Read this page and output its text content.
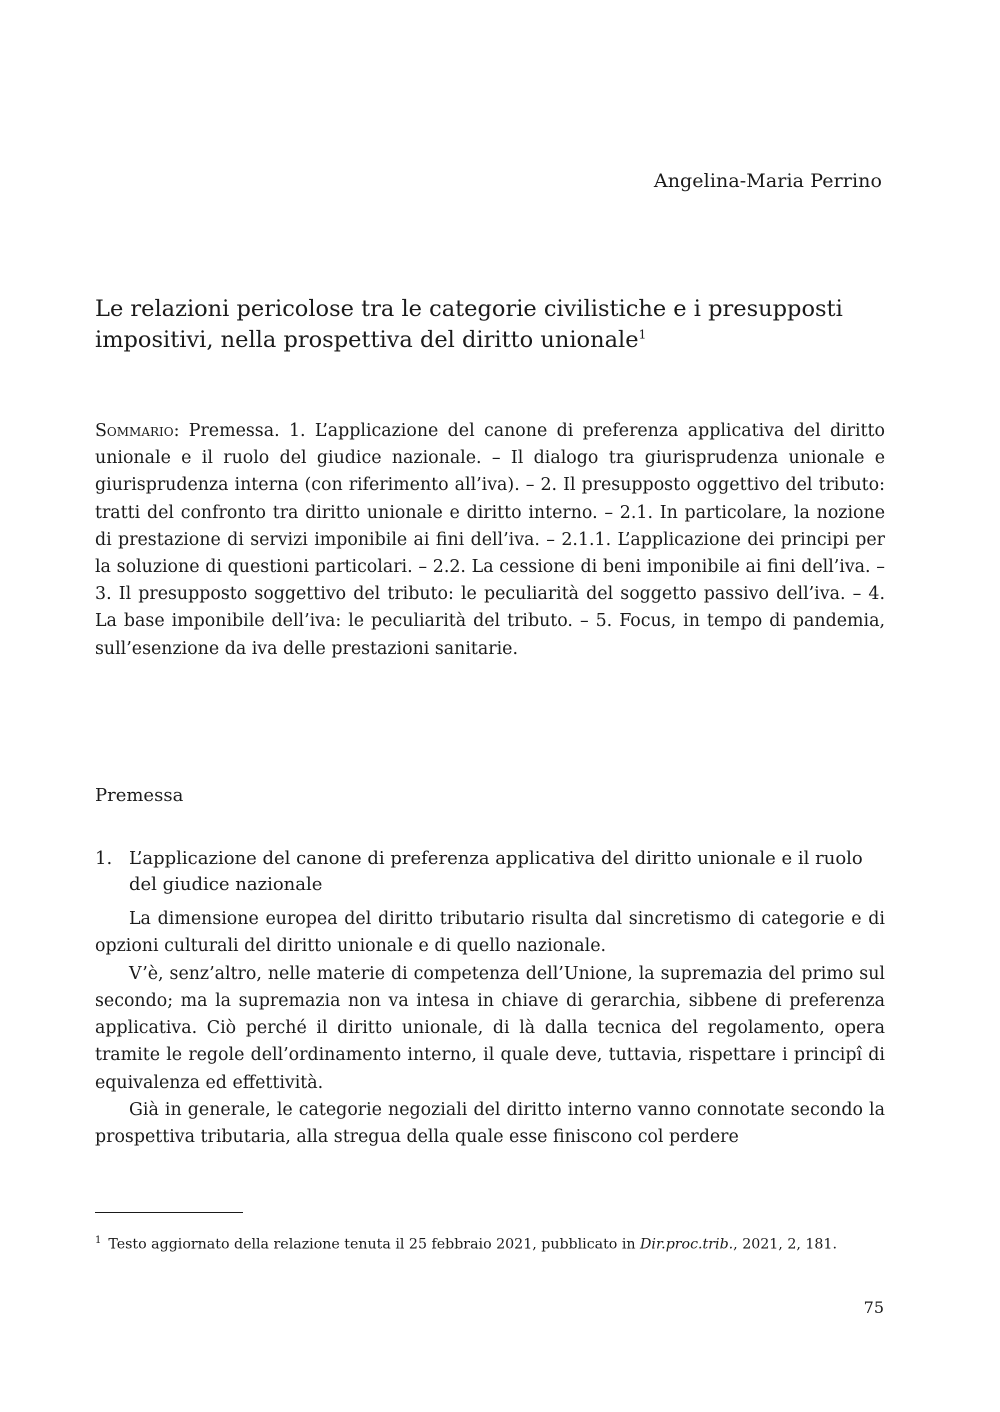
Angelina-Maria Perrino
Le relazioni pericolose tra le categorie civilistiche e i presupposti impositivi, nella prospettiva del diritto unionale$^1$

Sommario: Premessa. 1. L’applicazione del canone di preferenza applicativa del diritto unionale e il ruolo del giudice nazionale. – Il dialogo tra giurisprudenza unionale e giurisprudenza interna (con riferimento all’iva). – 2. Il presupposto oggettivo del tributo: tratti del confronto tra diritto unionale e diritto interno. – 2.1. In particolare, la nozione di prestazione di servizi imponibile ai fini dell’iva. – 2.1.1. L’applicazione dei principi per la soluzione di questioni particolari. – 2.2. La cessione di beni imponibile ai fini dell’iva. – 3. Il presupposto soggettivo del tributo: le peculiarità del soggetto passivo dell’iva. – 4. La base imponibile dell’iva: le peculiarità del tributo. – 5. Focus, in tempo di pandemia, sull’esenzione da iva delle prestazioni sanitarie.

Premessa
1. L’applicazione del canone di preferenza applicativa del diritto unionale e il ruolo del giudice nazionale

La dimensione europea del diritto tributario risulta dal sincretismo di categorie e di opzioni culturali del diritto unionale e di quello nazionale.

V’è, senz’altro, nelle materie di competenza dell’Unione, la supremazia del primo sul secondo; ma la supremazia non va intesa in chiave di gerarchia, sibbene di preferenza applicativa. Ciò perché il diritto unionale, di là dalla tecnica del regolamento, opera tramite le regole dell’ordinamento interno, il quale deve, tuttavia, rispettare i principî di equivalenza ed effettività.

Già in generale, le categorie negoziali del diritto interno vanno connotate secondo la prospettiva tributaria, alla stregua della quale esse finiscono col perdere

$^1$ Testo aggiornato della relazione tenuta il 25 febbraio 2021, pubblicato in Dir.proc.trib., 2021, 2, 181.

75
